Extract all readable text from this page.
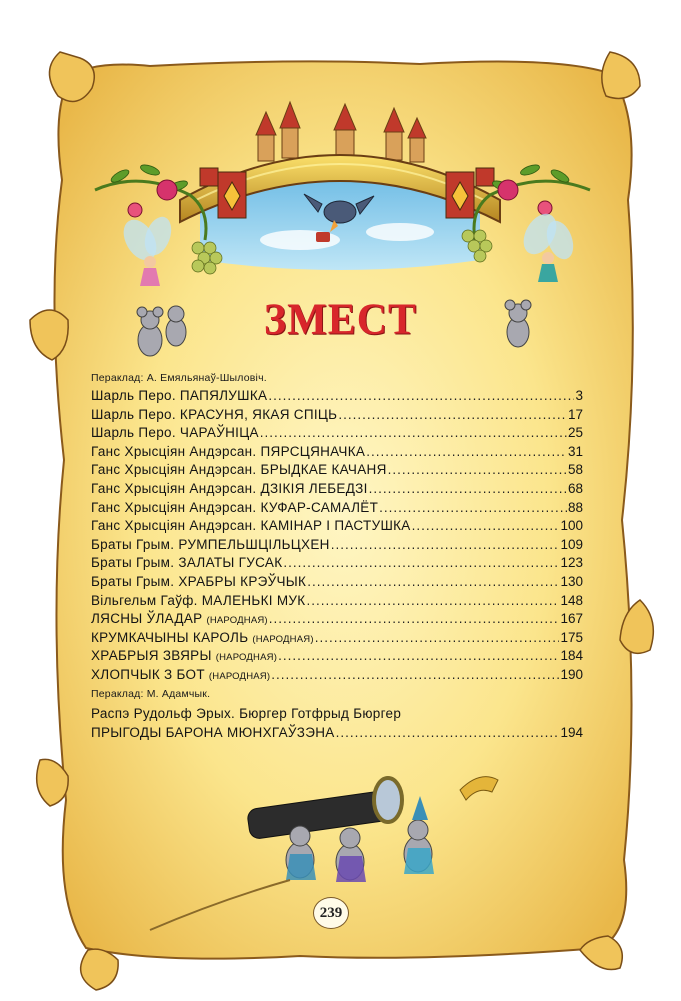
ЗМЕСТ
Пераклад: А. Емяльянаў-Шыловіч.
Шарль Перо. ПАПЯЛУШКА .....	3
Шарль Перо. КРАСУНЯ, ЯКАЯ СПІЦЬ .....	17
Шарль Перо. ЧАРАЎНІЦА .....	25
Ганс Хрысціян Андэрсан. ПЯРСЦЯНАЧКА .....	31
Ганс Хрысціян Андэрсан. БРЫДКАЕ КАЧАНЯ .....	58
Ганс Хрысціян Андэрсан. ДЗІКІЯ ЛЕБЕДЗІ .....	68
Ганс Хрысціян Андэрсан. КУФАР-САМАЛЁТ .....	88
Ганс Хрысціян Андэрсан. КАМІНАР І ПАСТУШКА .....	100
Браты Грым. РУМПЕЛЬШЦІЛЬЦХЕН .....	109
Браты Грым. ЗАЛАТЫ ГУСАК .....	123
Браты Грым. ХРАБРЫ КРЭЎЧЫК .....	130
Вільгельм Гаўф. МАЛЕНЬКІ МУК .....	148
ЛЯСНЫ ЎЛАДАР (НАРОДНАЯ) .....	167
КРУМКАЧЫНЫ КАРОЛЬ (НАРОДНАЯ) .....	175
ХРАБРЫЯ ЗВЯРЫ (НАРОДНАЯ) .....	184
ХЛОПЧЫК З БОТ (НАРОДНАЯ) .....	190
Пераклад: М. Адамчык.
Распэ Рудольф Эрых. Бюргер Готфрыд Бюргер
ПРЫГОДЫ БАРОНА МЮНХГАЎЗЭНА .....	194
239
